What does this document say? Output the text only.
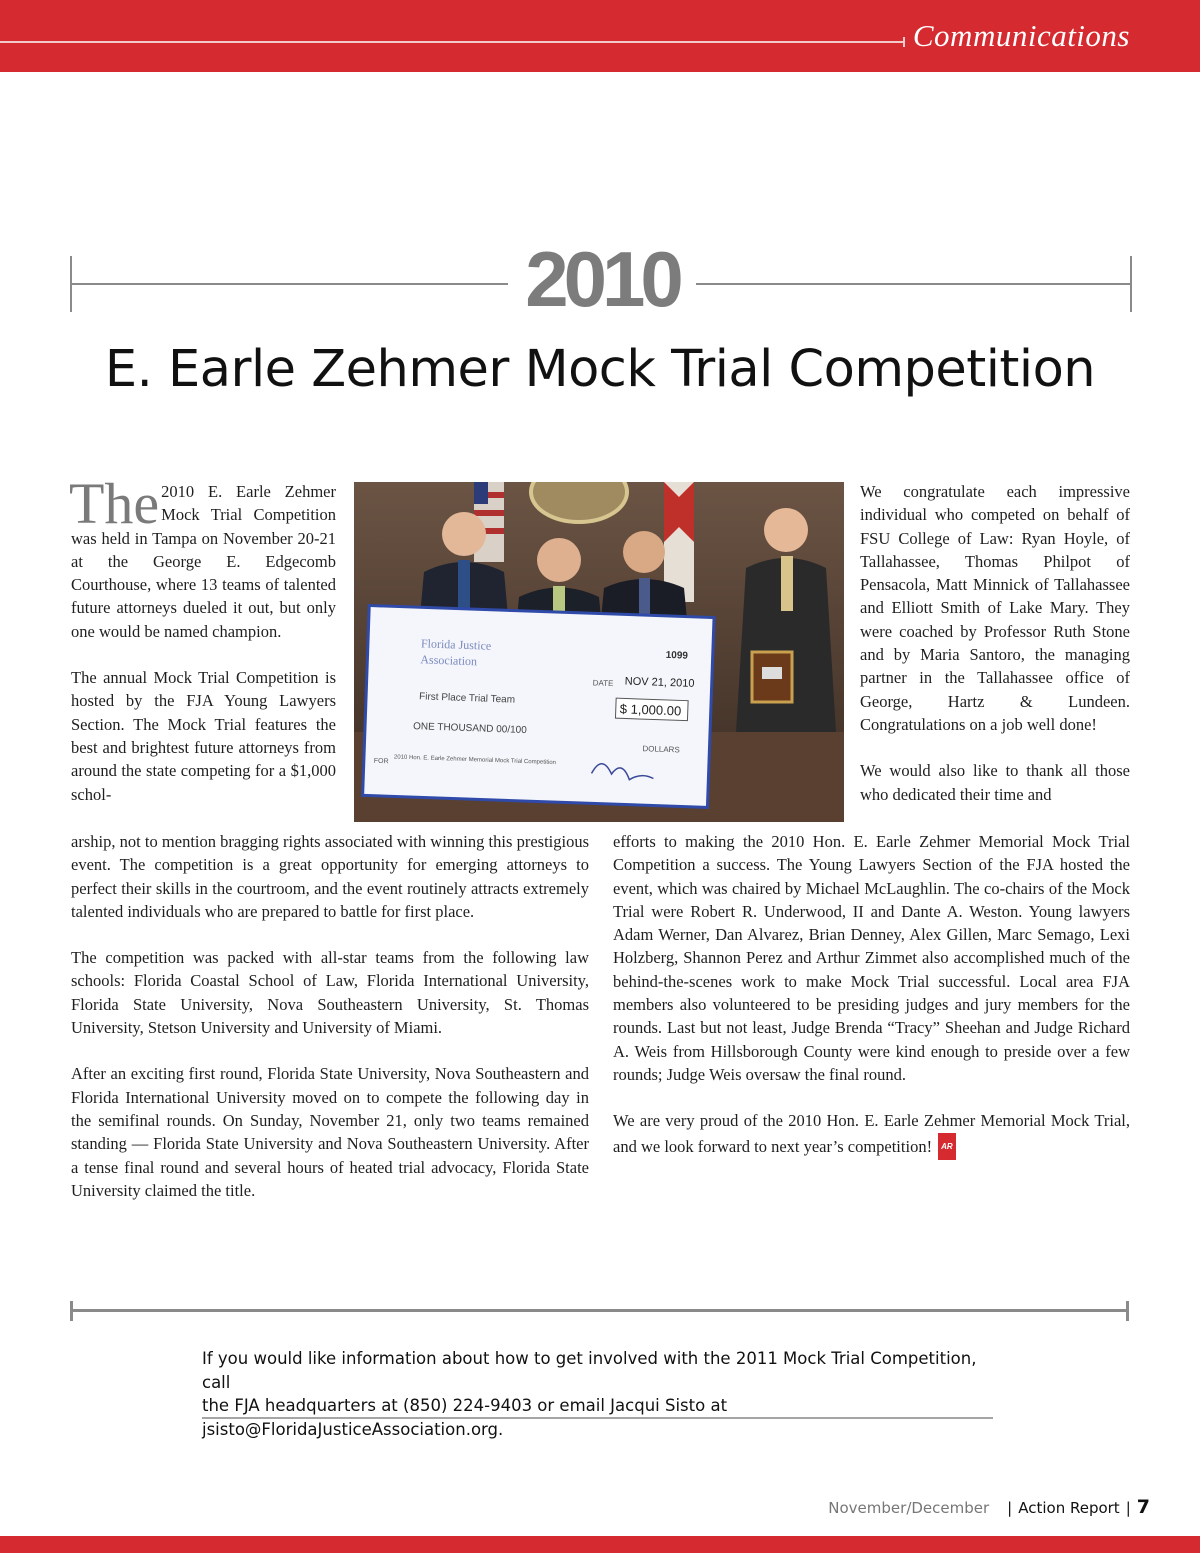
Communications
2010
E. Earle Zehmer Mock Trial Competition

The 2010 E. Earle Zehmer Mock Trial Competition was held in Tampa on November 20-21 at the George E. Edgecomb Courthouse, where 13 teams of talented future attorneys dueled it out, but only one would be named champion.

The annual Mock Trial Competition is hosted by the FJA Young Lawyers Section. The Mock Trial features the best and brightest future attorneys from around the state competing for a $1,000 schol-

Florida Justice
Association	1099
DATE NOV 21, 2010
First Place Trial Team
$ 1,000.00
ONE THOUSAND 00/100
DOLLARS
FOR 2010 Hon. E. Earle Zehmer Memorial Mock Trial Competition

arship, not to mention bragging rights associated with winning this prestigious event. The competition is a great opportunity for emerging attorneys to perfect their skills in the courtroom, and the event routinely attracts extremely talented individuals who are prepared to battle for first place.

The competition was packed with all-star teams from the following law schools: Florida Coastal School of Law, Florida International University, Florida State University, Nova Southeastern University, St. Thomas University, Stetson University and University of Miami.

After an exciting first round, Florida State University, Nova Southeastern and Florida International University moved on to compete the following day in the semifinal rounds. On Sunday, November 21, only two teams remained standing — Florida State University and Nova Southeastern University. After a tense final round and several hours of heated trial advocacy, Florida State University claimed the title.

We congratulate each impressive individual who competed on behalf of FSU College of Law: Ryan Hoyle, of Tallahassee, Thomas Philpot of Pensacola, Matt Minnick of Tallahassee and Elliott Smith of Lake Mary. They were coached by Professor Ruth Stone and by Maria Santoro, the managing partner in the Tallahassee office of George, Hartz & Lundeen. Congratulations on a job well done!

We would also like to thank all those who dedicated their time and

efforts to making the 2010 Hon. E. Earle Zehmer Memorial Mock Trial Competition a success. The Young Lawyers Section of the FJA hosted the event, which was chaired by Michael McLaughlin. The co-chairs of the Mock Trial were Robert R. Underwood, II and Dante A. Weston. Young lawyers Adam Werner, Dan Alvarez, Brian Denney, Alex Gillen, Marc Semago, Lexi Holzberg, Shannon Perez and Arthur Zimmet also accomplished much of the behind-the-scenes work to make Mock Trial successful. Local area FJA members also volunteered to be presiding judges and jury members for the rounds. Last but not least, Judge Brenda “Tracy” Sheehan and Judge Richard A. Weis from Hillsborough County were kind enough to preside over a few rounds; Judge Weis oversaw the final round.

We are very proud of the 2010 Hon. E. Earle Zehmer Memorial Mock Trial, and we look forward to next year’s competition! AR

If you would like information about how to get involved with the 2011 Mock Trial Competition, call
the FJA headquarters at (850) 224-9403 or email Jacqui Sisto at jsisto@FloridaJusticeAssociation.org.
November/December | Action Report | 7
